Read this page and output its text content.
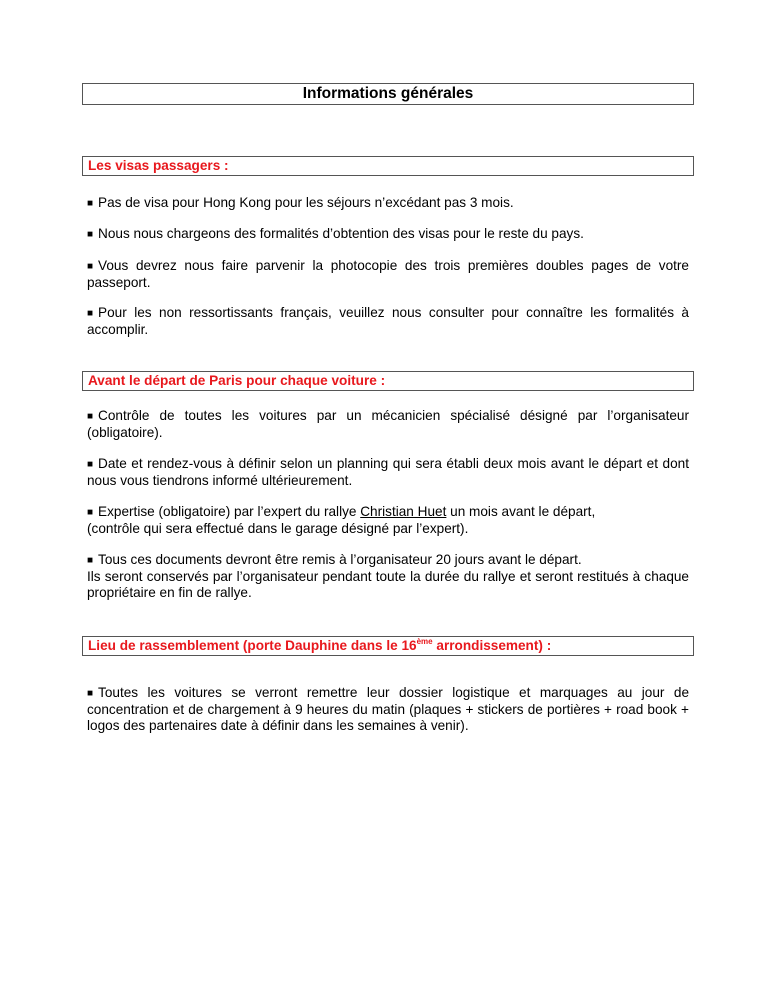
Informations générales
Les visas passagers :
■ Pas de visa pour Hong Kong pour les séjours n’excédant pas 3 mois.
■ Nous nous chargeons des formalités d’obtention des visas pour le reste du pays.
■ Vous devrez nous faire parvenir la photocopie des trois premières doubles pages de votre passeport.
■ Pour les non ressortissants français, veuillez nous consulter pour connaître les formalités à accomplir.
Avant le départ de Paris pour chaque voiture :
■ Contrôle de toutes les voitures par un mécanicien spécialisé désigné par l’organisateur (obligatoire).
■ Date et rendez-vous à définir selon un planning qui sera établi deux mois avant le départ et dont nous vous tiendrons informé ultérieurement.
■ Expertise (obligatoire) par l’expert du rallye Christian Huet un mois avant le départ,
(contrôle qui sera effectué dans le garage désigné par l’expert).
■ Tous ces documents devront être remis à l’organisateur 20 jours avant le départ.
Ils seront conservés par l’organisateur pendant toute la durée du rallye et seront restitués à chaque propriétaire en fin de rallye.
Lieu de rassemblement (porte Dauphine dans le 16ème arrondissement) :
■ Toutes les voitures se verront remettre leur dossier logistique et marquages au jour de concentration et de chargement à 9 heures du matin (plaques + stickers de portières + road book + logos des partenaires date à définir dans les semaines à venir).
